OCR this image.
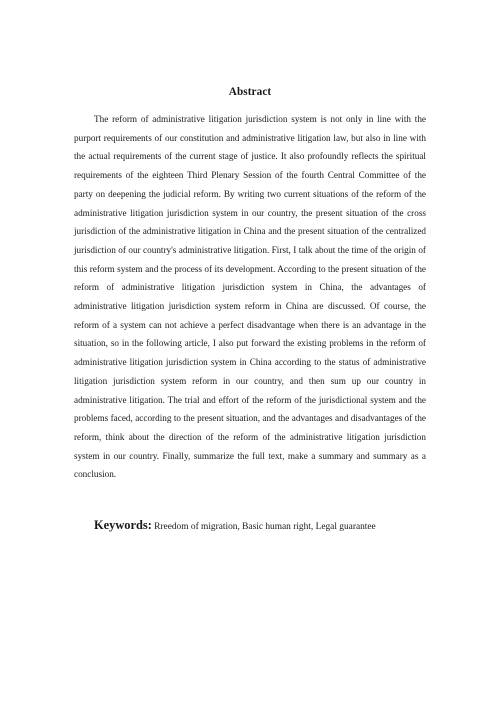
Abstract

The reform of administrative litigation jurisdiction system is not only in line with the purport requirements of our constitution and administrative litigation law, but also in line with the actual requirements of the current stage of justice. It also profoundly reflects the spiritual requirements of the eighteen Third Plenary Session of the fourth Central Committee of the party on deepening the judicial reform. By writing two current situations of the reform of the administrative litigation jurisdiction system in our country, the present situation of the cross jurisdiction of the administrative litigation in China and the present situation of the centralized jurisdiction of our country's administrative litigation. First, I talk about the time of the origin of this reform system and the process of its development. According to the present situation of the reform of administrative litigation jurisdiction system in China, the advantages of administrative litigation jurisdiction system reform in China are discussed. Of course, the reform of a system can not achieve a perfect disadvantage when there is an advantage in the situation, so in the following article, I also put forward the existing problems in the reform of administrative litigation jurisdiction system in China according to the status of administrative litigation jurisdiction system reform in our country, and then sum up our country in administrative litigation. The trial and effort of the reform of the jurisdictional system and the problems faced, according to the present situation, and the advantages and disadvantages of the reform, think about the direction of the reform of the administrative litigation jurisdiction system in our country. Finally, summarize the full text, make a summary and summary as a conclusion.

Keywords: Rreedom of migration, Basic human right, Legal guarantee
